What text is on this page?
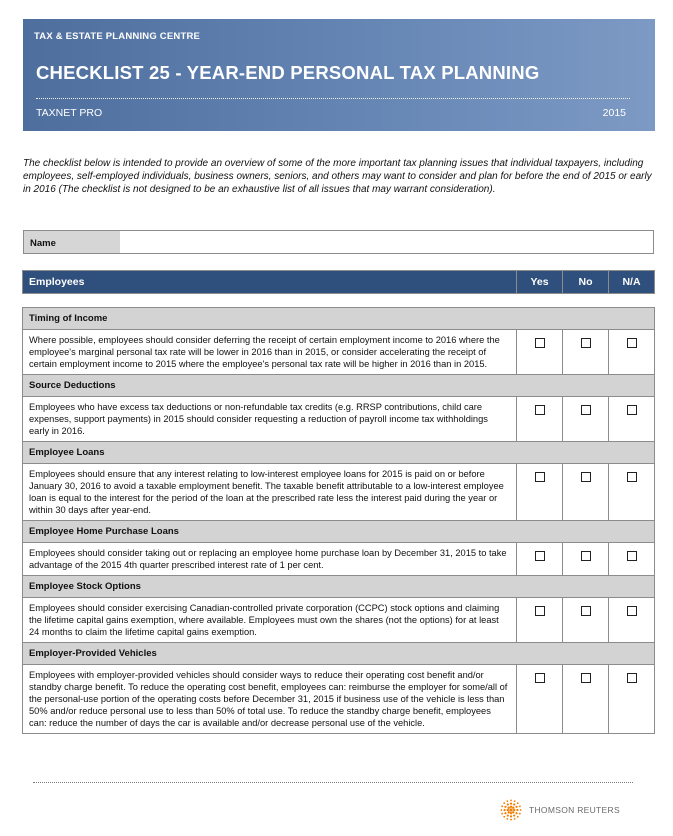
TAX & ESTATE PLANNING CENTRE
CHECKLIST 25 - YEAR-END PERSONAL TAX PLANNING
TAXNET PRO	2015

The checklist below is intended to provide an overview of some of the more important tax planning issues that individual taxpayers, including employees, self-employed individuals, business owners, seniors, and others may want to consider and plan for before the end of 2015 or early in 2016 (The checklist is not designed to be an exhaustive list of all issues that may warrant consideration).

Name
Employees	Yes	No	N/A

Timing of Income			
Where possible, employees should consider deferring the receipt of certain employment income to 2016 where the employee's marginal personal tax rate will be lower in 2016 than in 2015, or consider accelerating the receipt of certain employment income to 2015 where the employee's personal tax rate will be higher in 2016 than in 2015.			
Source Deductions			
Employees who have excess tax deductions or non-refundable tax credits (e.g. RRSP contributions, child care expenses, support payments) in 2015 should consider requesting a reduction of payroll income tax withholdings early in 2016.			
Employee Loans			
Employees should ensure that any interest relating to low-interest employee loans for 2015 is paid on or before January 30, 2016 to avoid a taxable employment benefit. The taxable benefit attributable to a low-interest employee loan is equal to the interest for the period of the loan at the prescribed rate less the interest paid during the year or within 30 days after year-end.			
Employee Home Purchase Loans			
Employees should consider taking out or replacing an employee home purchase loan by December 31, 2015 to take advantage of the 2015 4th quarter prescribed interest rate of 1 per cent.			
Employee Stock Options			
Employees should consider exercising Canadian-controlled private corporation (CCPC) stock options and claiming the lifetime capital gains exemption, where available. Employees must own the shares (not the options) for at least 24 months to claim the lifetime capital gains exemption.			
Employer-Provided Vehicles			
Employees with employer-provided vehicles should consider ways to reduce their operating cost benefit and/or standby charge benefit. To reduce the operating cost benefit, employees can: reimburse the employer for some/all of the personal-use portion of the operating costs before December 31, 2015 if business use of the vehicle is less than 50% and/or reduce personal use to less than 50% of total use. To reduce the standby charge benefit, employees can: reduce the number of days the car is available and/or decrease personal use of the vehicle.			
THOMSON REUTERS
